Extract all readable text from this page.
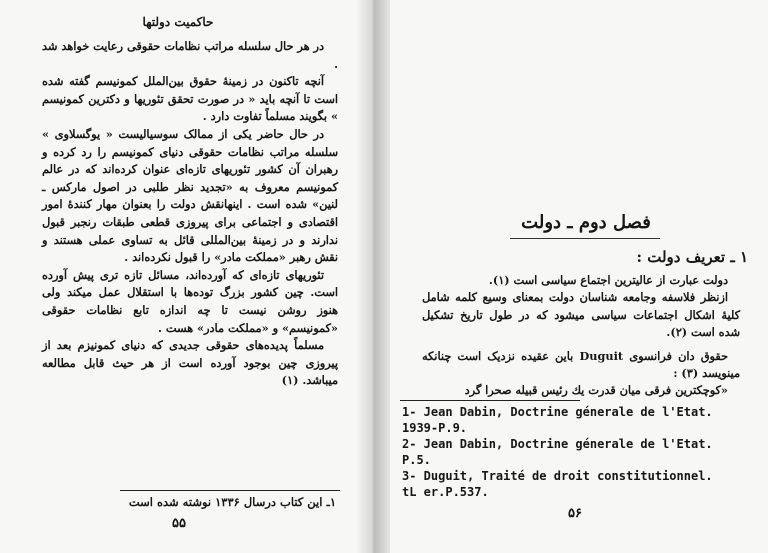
حاکمیت دولتها

در هر حال سلسله مراتب نظامات حقوقی رعایت خواهد شد .

آنچه تاکنون در زمینۀ حقوق بین‌الملل کمونیسم گفته شده است تا آنچه باید « در صورت تحقق تئوریها و دکترین کمونیسم » بگویند مسلماً تفاوت دارد .

در حال حاضر یکی از ممالک سوسیالیست « یوگسلاوی » سلسله مراتب نظامات حقوقی دنیای کمونیسم را رد کرده و رهبران آن کشور تئوریهای تازه‌ای عنوان کرده‌اند که در عالم کمونیسم معروف به «تجدید نظر طلبی در اصول مارکس ـ لنین» شده است . اینهانقش دولت را بعنوان مهار کنندۀ امور اقتصادی و اجتماعی برای پیروزی قطعی طبقات رنجبر قبول ندارند و در زمینۀ بین‌المللی قائل به تساوی عملی هستند و نقش رهبر «مملکت مادر» را قبول نکرده‌اند .

تئوریهای تازه‌ای که آورده‌اند، مسائل تازه تری پیش آورده است. چین کشور بزرگ توده‌ها با استقلال عمل میکند ولی هنوز روشن نیست تا چه اندازه تابع نظامات حقوقی «کمونیسم» و «مملکت مادر» هست .

مسلماً پدیده‌های حقوقی جدیدی که دنیای کمونیزم بعد از پیروزی چین بوجود آورده است از هر حیث قابل مطالعه میباشد. (۱)

۱ـ این کتاب درسال ۱۳۳۶ نوشته شده است
۵۵
فصل دوم ـ دولت
۱ ـ تعریف دولت :

دولت عبارت از عالیترین اجتماع سیاسی است (۱).

ازنظر فلاسفه وجامعه شناسان دولت بمعنای وسیع کلمه شامل کلیۀ اشکال اجتماعات سیاسی میشود که در طول تاریخ تشکیل شده است (۲).

حقوق دان فرانسوی Duguit باین عقیده نزدیک است چنانکه مینویسد (۳) :

«کوچکترین فرقی میان قدرت یك رئیس قبیله صحرا گرد

1- Jean Dabin, Doctrine génerale de l'Etat.
1939-P.9.
2- Jean Dabin, Doctrine génerale de l'Etat.
P.5.
3- Duguit, Traité de droit constitutionnel.
tL er.P.537.
۵۶
